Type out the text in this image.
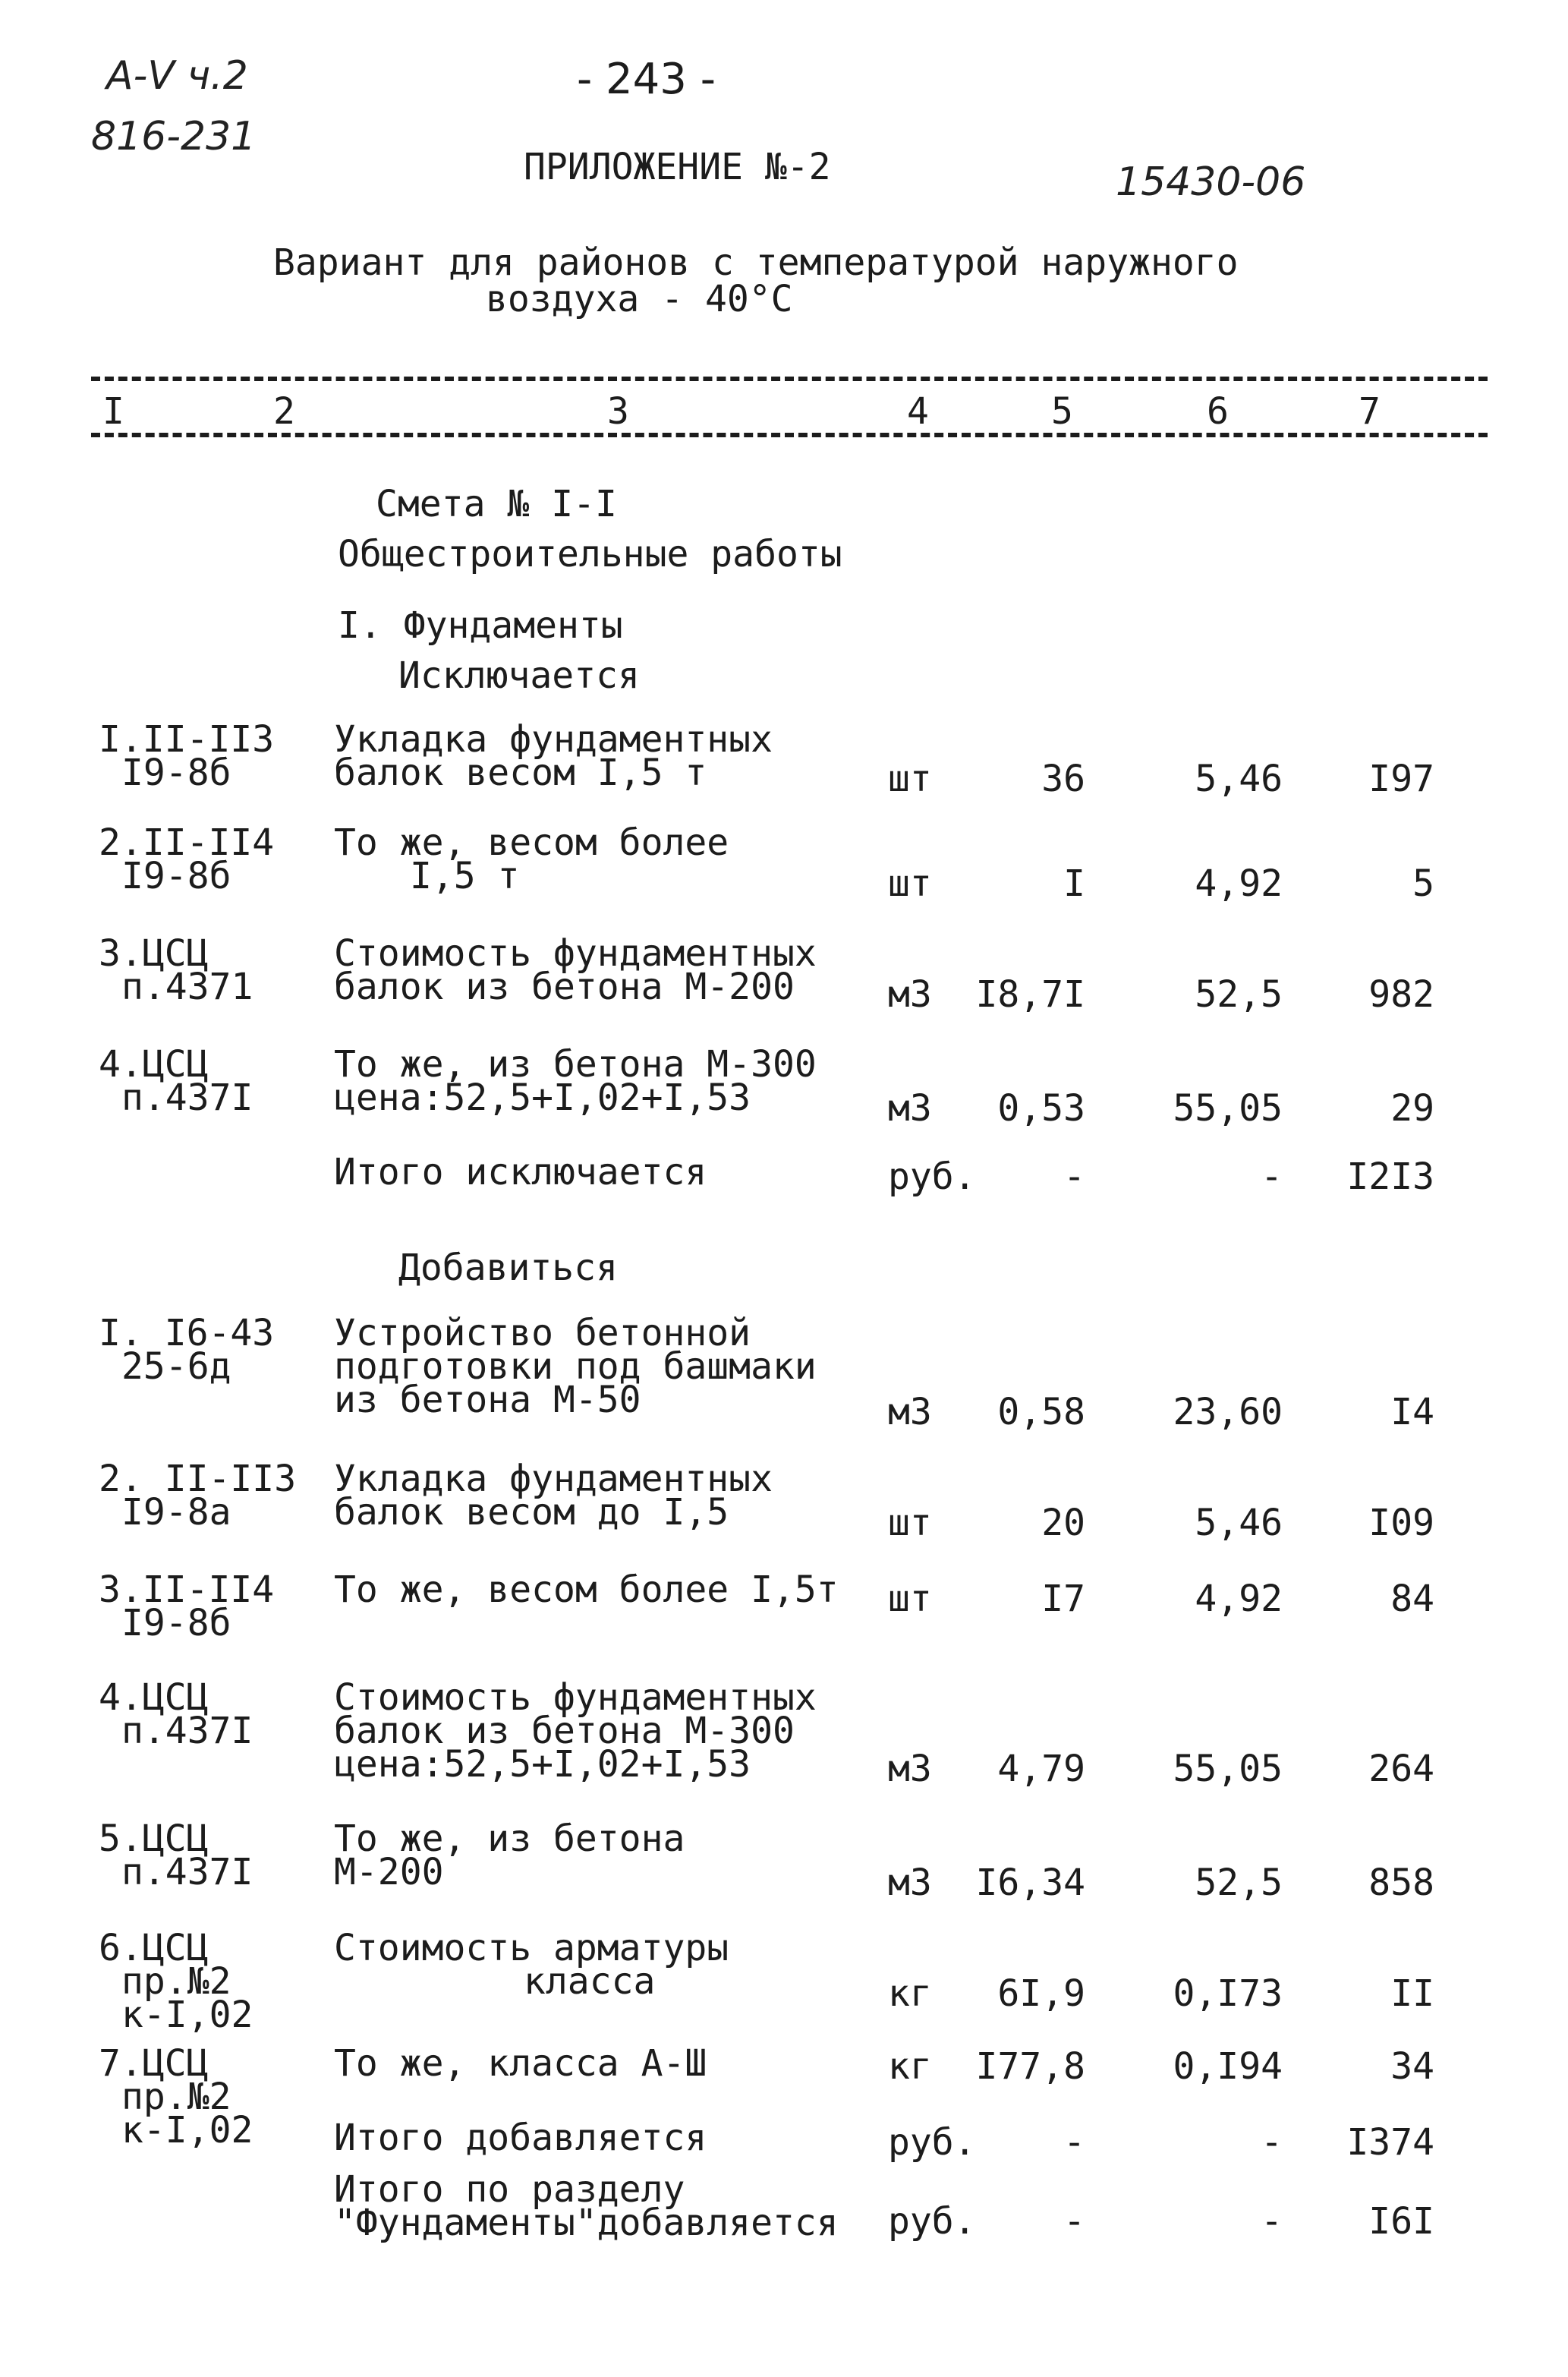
А-V ч.2
816-231
- 243 -
ПРИЛОЖЕНИЕ №-2	15430-06
Вариант для районов с температурой наружного
воздуха - 40°С
I	2	3	4	5	6	7
Смета № I-I
Общестроительные работы
I. Фундаменты
Исключается
Добавиться
I.II-II3
I9-8б
Укладка фундаментных
балок весом I,5 т	шт	36	5,46	I97
2.II-II4
I9-8б
То же, весом более
I,5 т	шт	I	4,92	5
3.ЦСЦ
п.4371
Стоимость фундаментных
балок из бетона М-200	м3	I8,7I	52,5	982
4.ЦСЦ
п.437I
То же, из бетона М-300
цена:52,5+I,02+I,53	м3	0,53	55,05	29
Итого исключается	руб.	-	-	I2I3
I. I6-43
25-6д
Устройство бетонной
подготовки под башмаки
из бетона М-50	м3	0,58	23,60	I4
2. II-II3
I9-8а
Укладка фундаментных
балок весом до I,5	шт	20	5,46	I09
3.II-II4
I9-8б
То же, весом более I,5т шт	I7	4,92	84
4.ЦСЦ
п.437I
Стоимость фундаментных
балок из бетона М-300
цена:52,5+I,02+I,53	м3	4,79	55,05	264
5.ЦСЦ
п.437I
То же, из бетона
М-200	м3	I6,34	52,5	858
6.ЦСЦ
пр.№2
к-I,02
Стоимость арматуры
класса	кг	6I,9	0,I73	II
7.ЦСЦ
пр.№2
к-I,02
То же, класса А-Ш	кг	I77,8	0,I94	34
Итого добавляется	руб.	-	-	I374
Итого по разделу
"Фундаменты"добавляется руб.	-	-	I6I
